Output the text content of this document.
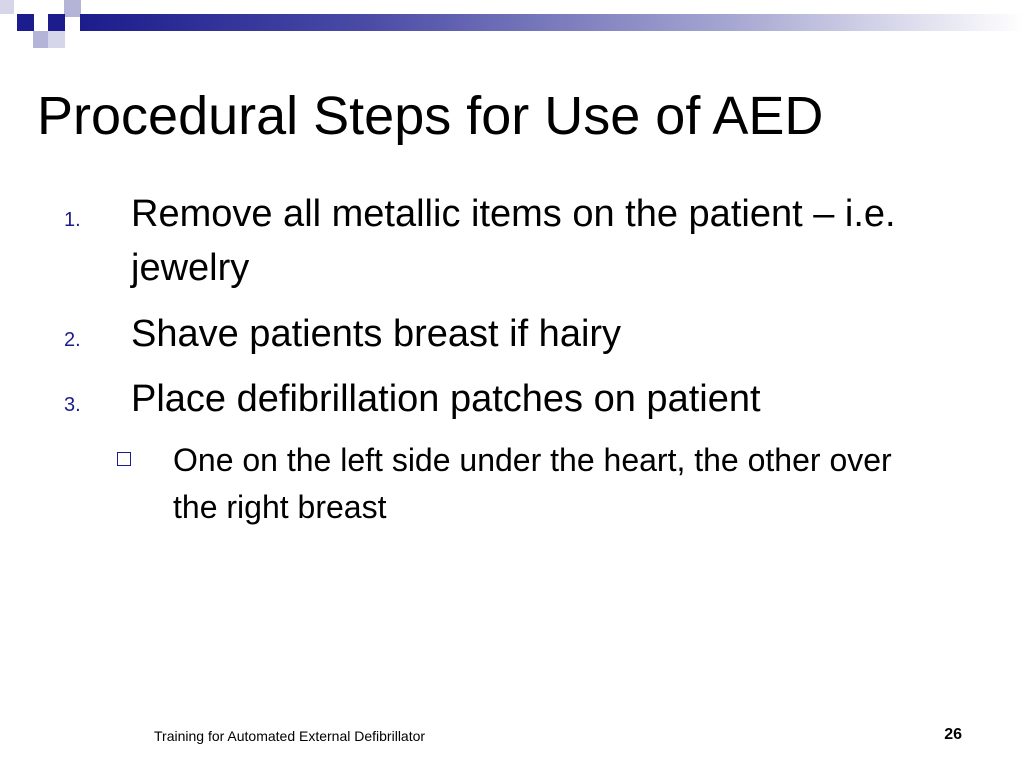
Procedural Steps for Use of AED
1. Remove all metallic items on the patient – i.e. jewelry
2. Shave patients breast if hairy
3. Place defibrillation patches on patient
One on the left side under the heart, the other over the right breast
Training for Automated External Defibrillator	26
